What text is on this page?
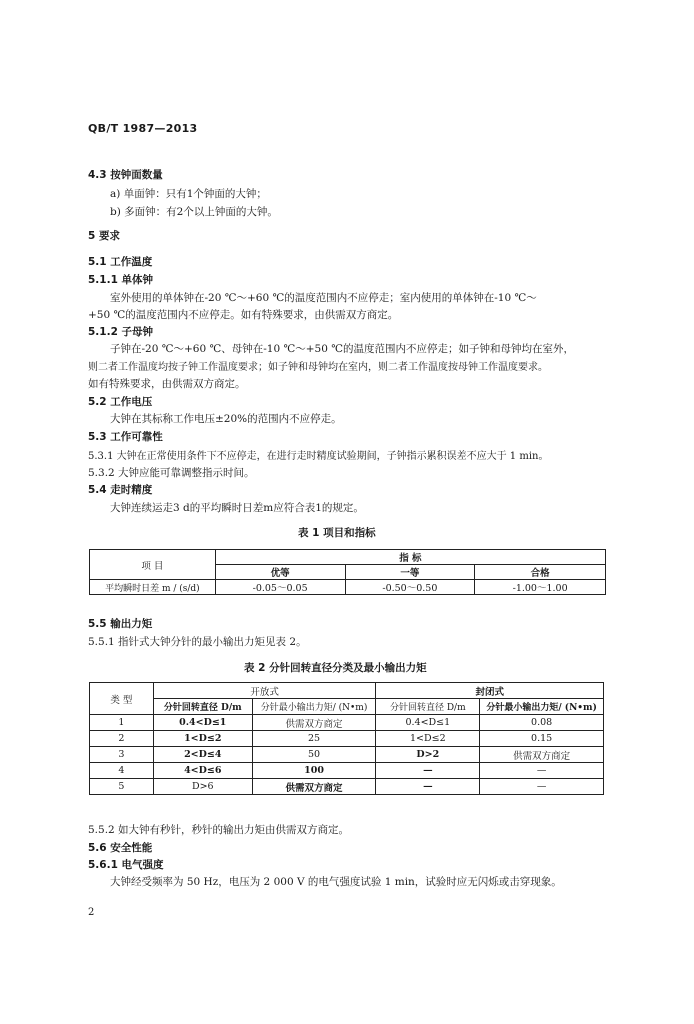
QB/T 1987—2013
4.3 按钟面数量
a) 单面钟：只有1个钟面的大钟；
b) 多面钟：有2个以上钟面的大钟。
5 要求
5.1 工作温度
5.1.1 单体钟
室外使用的单体钟在-20 ℃～+60 ℃的温度范围内不应停走；室内使用的单体钟在-10 ℃～
+50 ℃的温度范围内不应停走。如有特殊要求，由供需双方商定。
5.1.2 子母钟
子钟在-20 ℃～+60 ℃、母钟在-10 ℃～+50 ℃的温度范围内不应停走；如子钟和母钟均在室外，
则二者工作温度均按子钟工作温度要求；如子钟和母钟均在室内，则二者工作温度按母钟工作温度要求。
如有特殊要求，由供需双方商定。
5.2 工作电压
大钟在其标称工作电压±20%的范围内不应停走。
5.3 工作可靠性
5.3.1 大钟在正常使用条件下不应停走，在进行走时精度试验期间，子钟指示累积误差不应大于 1 min。
5.3.2 大钟应能可靠调整指示时间。
5.4 走时精度
大钟连续运走3 d的平均瞬时日差m应符合表1的规定。
表 1 项目和指标
项 目	指 标		
	优等	一等	合格
平均瞬时日差 m / (s/d)	-0.05～0.05	-0.50～0.50	-1.00～1.00
5.5 输出力矩
5.5.1 指针式大钟分针的最小输出力矩见表 2。
表 2 分针回转直径分类及最小输出力矩
类 型	开放式		封闭式	
	分针回转直径 D/m	分针最小输出力矩/ (N•m)	分针回转直径 D/m	分针最小输出力矩/ (N•m)
1	0.4<D≤1	供需双方商定	0.4<D≤1	0.08
2	1<D≤2	25	1<D≤2	0.15
3	2<D≤4	50	D>2	供需双方商定
4	4<D≤6	100	—	—
5	D>6	供需双方商定	—	—
5.5.2 如大钟有秒针，秒针的输出力矩由供需双方商定。
5.6 安全性能
5.6.1 电气强度
大钟经受频率为 50 Hz，电压为 2 000 V 的电气强度试验 1 min，试验时应无闪烁或击穿现象。
2
